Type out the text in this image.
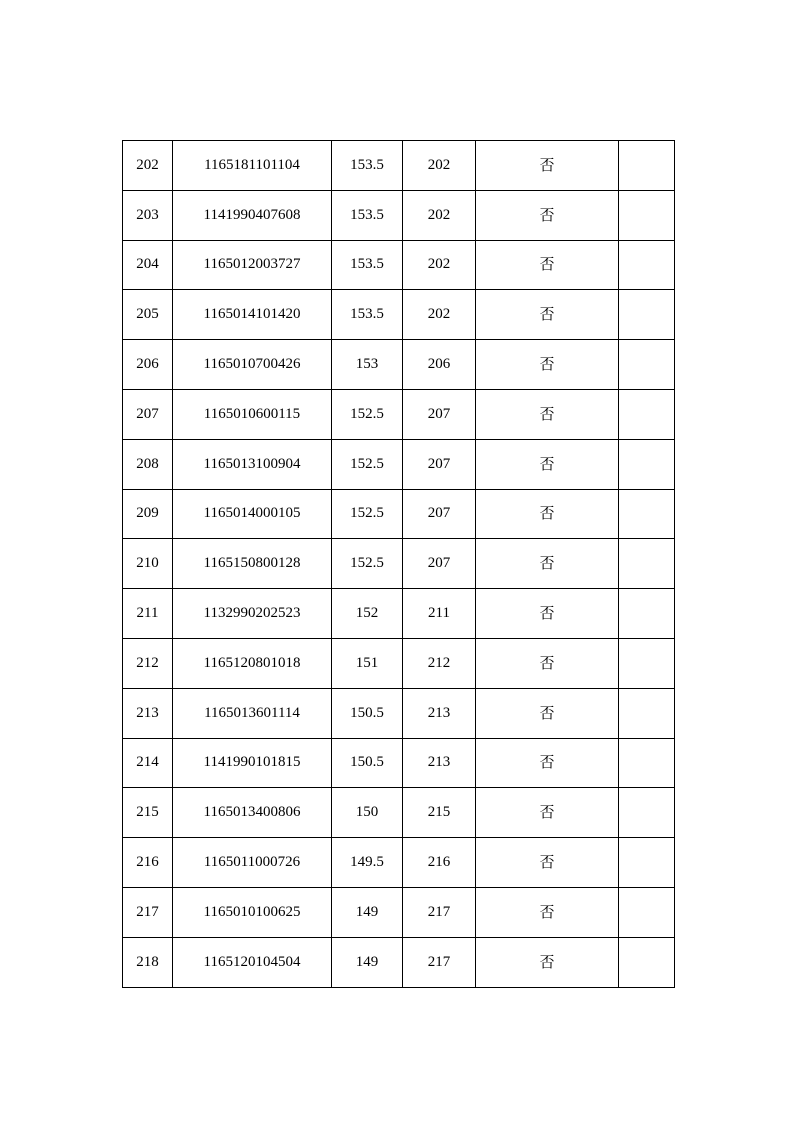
202	1165181101104	153.5	202	否	
203	1141990407608	153.5	202	否	
204	1165012003727	153.5	202	否	
205	1165014101420	153.5	202	否	
206	1165010700426	153	206	否	
207	1165010600115	152.5	207	否	
208	1165013100904	152.5	207	否	
209	1165014000105	152.5	207	否	
210	1165150800128	152.5	207	否	
211	1132990202523	152	211	否	
212	1165120801018	151	212	否	
213	1165013601114	150.5	213	否	
214	1141990101815	150.5	213	否	
215	1165013400806	150	215	否	
216	1165011000726	149.5	216	否	
217	1165010100625	149	217	否	
218	1165120104504	149	217	否	
